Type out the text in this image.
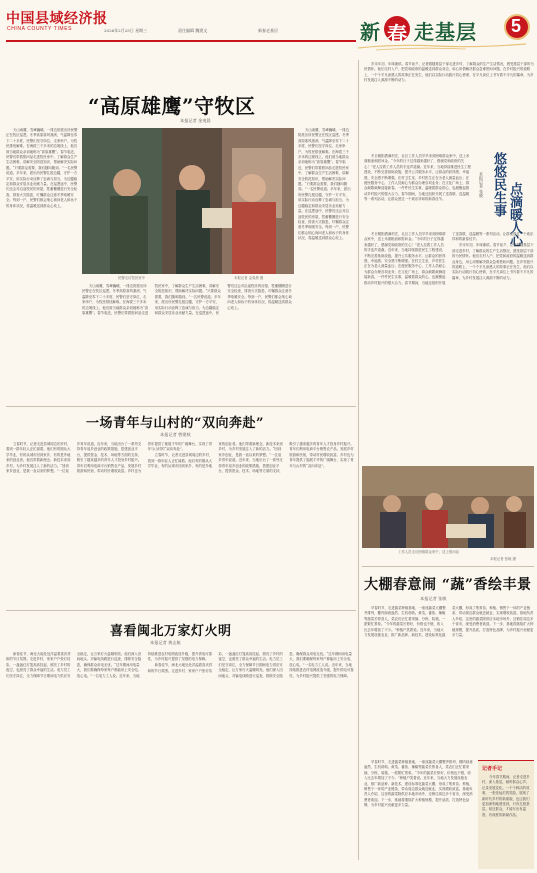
中国县域经济报
CHINA COUNTY TIMES	2026年2月25日 星期三	责任编辑 魏建文	新春走基层	新 春 走基层 5
“高原雄鹰”守牧区
本报记者 金夷晨

天山南麓，雪峰巍峨，一排边防派出所民警正在牧区巡逻。冬季高原寒风凛冽，气温降至零下二十多度，民警们坚守岗位，走家串户，为牧民排忧解难。在海拔三千多米的边境线上，他们被当地群众亲切地称为“高原雄鹰”。春节临近，民警们带着慰问品走进牧民家中，了解群众生产生活困难，讲解安全防范知识，帮助解决实际问题。“只要群众需要，我们随叫随到。”一名民警说道。多年来，派出所民警扎根边疆，守护一方平安，用实际行动诠释了忠诚与担当，为边疆稳定和群众安居乐业贡献力量。在巡逻途中，民警们还会对沿途牧民的房屋、牲畜棚圈进行安全检查，排查火灾隐患，叮嘱群众注意冬季取暖安全。每到一户，民警们都会细心询问老人和孩子的身体状况，将温暖送到群众心坎上。

民警走访牧民家中	本报记者 金夷晨 摄

天山南麓，雪峰巍峨，一排边防派出所民警正在牧区巡逻。冬季高原寒风凛冽，气温降至零下二十多度，民警们坚守岗位，走家串户，为牧民排忧解难。在海拔三千多米的边境线上，他们被当地群众亲切地称为“高原雄鹰”。春节临近，民警们带着慰问品走进牧民家中，了解群众生产生活困难，讲解安全防范知识，帮助解决实际问题。“只要群众需要，我们随叫随到。”一名民警说道。多年来，派出所民警扎根边疆，守护一方平安，用实际行动诠释了忠诚与担当，为边疆稳定和群众安居乐业贡献力量。在巡逻途中，民警们还会对沿途牧民的房屋、牲畜棚圈进行安全检查，排查火灾隐患，叮嘱群众注意冬季取暖安全。每到一户，民警们都会细心询问老人和孩子的身体状况，将温暖送到群众心坎上。

天山南麓，雪峰巍峨，一排边防派出所民警正在牧区巡逻。冬季高原寒风凛冽，气温降至零下二十多度，民警们坚守岗位，走家串户，为牧民排忧解难。在海拔三千多米的边境线上，他们被当地群众亲切地称为“高原雄鹰”。春节临近，民警们带着慰问品走进牧民家中，了解群众生产生活困难，讲解安全防范知识，帮助解决实际问题。“只要群众需要，我们随叫随到。”一名民警说道。多年来，派出所民警扎根边疆，守护一方平安，用实际行动诠释了忠诚与担当，为边疆稳定和群众安居乐业贡献力量。在巡逻途中，民警们还会对沿途牧民的房屋、牲畜棚圈进行安全检查，排查火灾隐患，叮嘱群众注意冬季取暖安全。每到一户，民警们都会细心询问老人和孩子的身体状况，将温暖送到群众心坎上。

岁末年初，年味渐浓。春节前夕，记者跟随基层干部走进乡村，了解群众的生产生活情况，感受基层干部的为民情怀。他们走村入户，把党和政府的温暖送到群众身边，用心用情解决群众急难愁盼问题。在乡村振兴的道路上，一个个平凡而感人的故事正在发生，他们以实际行动践行初心使命，在平凡岗位上书写着不平凡的篇章，为乡村发展注入源源不断的动力。

悠悠民生事 点滴暖人心
本报记者 张晓

冬日暖阳洒满村庄，社区工作人员早早来到困难群众家中，送上米面粮油和慰问金。“今年的日子过得越来越好了，感谢党和政府的关心！”老人拉着工作人员的手连声道谢。近年来，当地持续推进民生工程建设，不断完善基础设施，提升公共服务水平，让群众的获得感、幸福感、安全感不断增强。在村卫生室，乡村医生正在为老人测量血压；在便民服务中心，工作人员耐心为群众办理各项业务；在文化广场上，群众载歌载舞迎接新春。一件件民生实事，温暖着群众的心，也凝聚起推动乡村振兴的强大合力。春节期间，当地还组织开展了送春联、送温暖等一系列活动，让群众度过一个欢乐祥和的新春佳节。

冬日暖阳洒满村庄，社区工作人员早早来到困难群众家中，送上米面粮油和慰问金。“今年的日子过得越来越好了，感谢党和政府的关心！”老人拉着工作人员的手连声道谢。近年来，当地持续推进民生工程建设，不断完善基础设施，提升公共服务水平，让群众的获得感、幸福感、安全感不断增强。在村卫生室，乡村医生正在为老人测量血压；在便民服务中心，工作人员耐心为群众办理各项业务；在文化广场上，群众载歌载舞迎接新春。一件件民生实事，温暖着群众的心，也凝聚起推动乡村振兴的强大合力。春节期间，当地还组织开展了送春联、送温暖等一系列活动，让群众度过一个欢乐祥和的新春佳节。

岁末年初，年味渐浓。春节前夕，记者跟随基层干部走进乡村，了解群众的生产生活情况，感受基层干部的为民情怀。他们走村入户，把党和政府的温暖送到群众身边，用心用情解决群众急难愁盼问题。在乡村振兴的道路上，一个个平凡而感人的故事正在发生，他们以实际行动践行初心使命，在平凡岗位上书写着不平凡的篇章，为乡村发展注入源源不断的动力。

工作人员走访困难群众家中，送上慰问品
本报记者 张晓 摄
一场青年与山村的“双向奔赴”
本报记者 曾建秋

立春时节，记者走进县城周边的乡村，看到一群年轻人正忙碌着。他们有的刚从大学毕业，有的从城市回到家乡，有的是外地来的创业者。他们带着新理念、新技术来到乡村，为乡村发展注入了新的活力。“回到家乡创业，是我一直以来的梦想。”一位返乡青年说道。近年来，当地出台了一系列支持青年返乡创业的政策措施，搭建创业平台，提供资金、技术、场地等方面的支持，吸引了越来越多的青年人才投身乡村振兴。青年们利用电商平台销售农产品，发展乡村旅游和民宿，带动村民增收致富。乡村也为青年提供了施展才华的广阔舞台，实现了青年与山村的“双向奔赴”。

立春时节，记者走进县城周边的乡村，看到一群年轻人正忙碌着。他们有的刚从大学毕业，有的从城市回到家乡，有的是外地来的创业者。他们带着新理念、新技术来到乡村，为乡村发展注入了新的活力。“回到家乡创业，是我一直以来的梦想。”一位返乡青年说道。近年来，当地出台了一系列支持青年返乡创业的政策措施，搭建创业平台，提供资金、技术、场地等方面的支持，吸引了越来越多的青年人才投身乡村振兴。青年们利用电商平台销售农产品，发展乡村旅游和民宿，带动村民增收致富。乡村也为青年提供了施展才华的广阔舞台，实现了青年与山村的“双向奔赴”。

大棚春意闹 “蔬”香绘丰景
本报记者 张敏

早春时节，走进蔬菜种植基地，一座座蔬菜大棚整齐排列，棚内绿意盎然，生机勃勃。黄瓜、番茄、辣椒等蔬菜长势喜人，菜农们正忙着采摘、分拣、装箱，一派繁忙景象。“今年的蔬菜长势好，价格也不错，收入比去年增加了不少。”种植户笑着说。近年来，当地大力发展设施农业，推广新品种、新技术，建设标准化蔬菜大棚，形成了集育苗、种植、销售于一体的产业链条，带动周边群众就近就业，实现增收致富。基地负责人介绍，这里的蔬菜除供应本地市场外，还销往周边多个省市，深受消费者欢迎。下一步，基地将继续扩大种植规模，提升品质，打造特色品牌，为乡村振兴贡献更多力量。

早春时节，走进蔬菜种植基地，一座座蔬菜大棚整齐排列，棚内绿意盎然，生机勃勃。黄瓜、番茄、辣椒等蔬菜长势喜人，菜农们正忙着采摘、分拣、装箱，一派繁忙景象。“今年的蔬菜长势好，价格也不错，收入比去年增加了不少。”种植户笑着说。近年来，当地大力发展设施农业，推广新品种、新技术，建设标准化蔬菜大棚，形成了集育苗、种植、销售于一体的产业链条，带动周边群众就近就业，实现增收致富。基地负责人介绍，这里的蔬菜除供应本地市场外，还销往周边多个省市，深受消费者欢迎。下一步，基地将继续扩大种植规模，提升品质，打造特色品牌，为乡村振兴贡献更多力量。

记者手记

今年春节期间，记者走进乡村，深入基层，倾听群众心声，记录发展变化。一个个鲜活的故事，一张张灿烂的笑脸，展现了新时代乡村的新面貌，也让我们更加深刻地感受到，只有扎根基层、贴近群众，才能写出有温度、有深度的新闻作品。

喜看闽北万家灯火明
本报记者 黄志航

新春佳节，闽北大地处处洋溢着喜庆祥和的节日氛围。走进乡村，家家户户张灯结彩，一盏盏红灯笼高高挂起，照亮了乡村的夜空，也照亮了群众幸福的生活。电力员工们坚守岗位，全力保障节日期间电力供应安全稳定，让万家灯火温暖明亮。他们深入田间地头，对输电线路进行巡查，排除安全隐患，确保群众用电无忧。“过年期间用电量大，我们要确保每家每户都能用上安全电、放心电。”一名电力工人说。近年来，当地持续推进农村电网改造升级，提升供电可靠性，为乡村振兴提供了坚强的电力保障。

新春佳节，闽北大地处处洋溢着喜庆祥和的节日氛围。走进乡村，家家户户张灯结彩，一盏盏红灯笼高高挂起，照亮了乡村的夜空，也照亮了群众幸福的生活。电力员工们坚守岗位，全力保障节日期间电力供应安全稳定，让万家灯火温暖明亮。他们深入田间地头，对输电线路进行巡查，排除安全隐患，确保群众用电无忧。“过年期间用电量大，我们要确保每家每户都能用上安全电、放心电。”一名电力工人说。近年来，当地持续推进农村电网改造升级，提升供电可靠性，为乡村振兴提供了坚强的电力保障。
